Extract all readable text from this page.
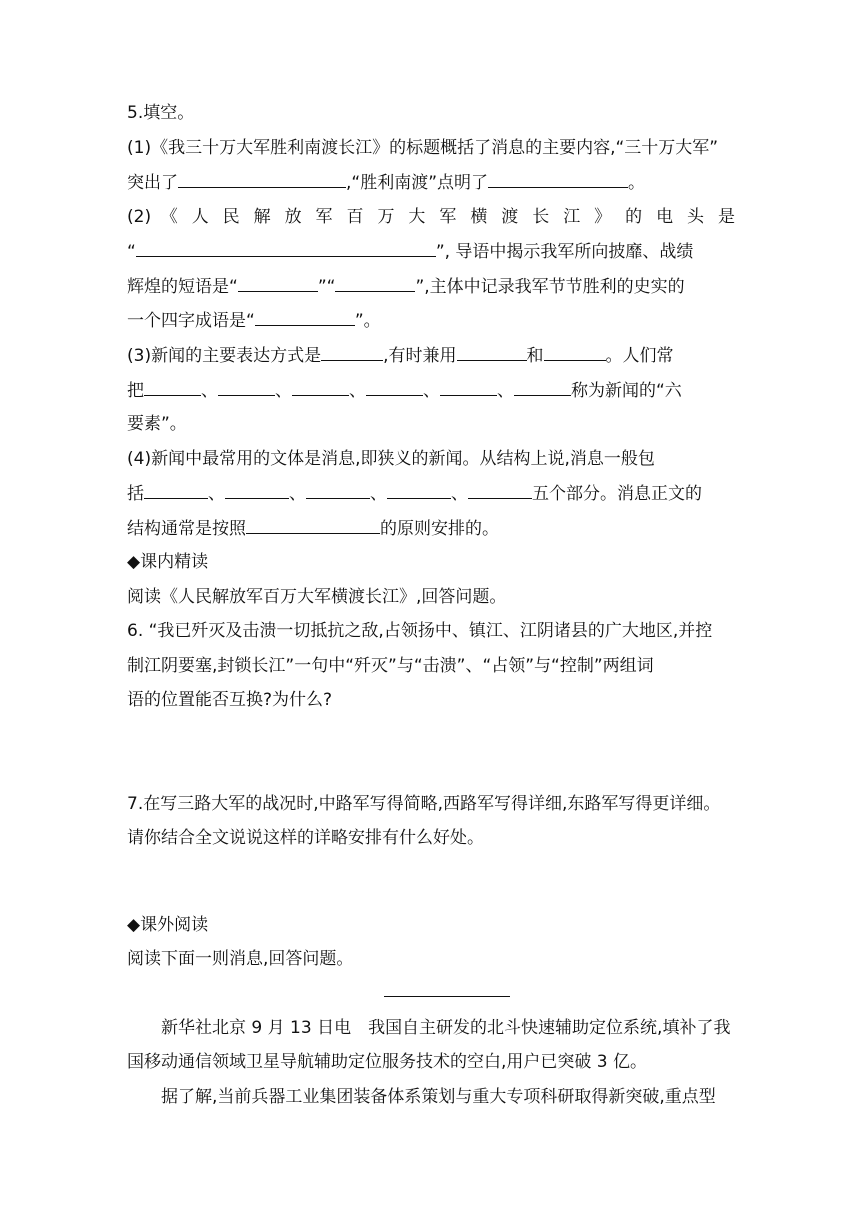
5.填空。
(1)《我三十万大军胜利南渡长江》的标题概括了消息的主要内容,“三十万大军”
突出了	,“胜利南渡”点明了	。
(2) 《 人 民 解 放 军 百 万 大 军 横 渡 长 江 》 的 电 头 是
“	”, 导语中揭示我军所向披靡、战绩
辉煌的短语是“	”“	”,主体中记录我军节节胜利的史实的
一个四字成语是“	”。
(3)新闻的主要表达方式是	,有时兼用	和	。人们常
把	、	、	、	、	、	称为新闻的“六
要素”。
(4)新闻中最常用的文体是消息,即狭义的新闻。从结构上说,消息一般包
括	、	、	、	、	五个部分。消息正文的
结构通常是按照	的原则安排的。
◆课内精读
阅读《人民解放军百万大军横渡长江》,回答问题。
6. “我已歼灭及击溃一切抵抗之敌,占领扬中、镇江、江阴诸县的广大地区,并控
制江阴要塞,封锁长江”一句中“歼灭”与“击溃”、“占领”与“控制”两组词
语的位置能否互换?为什么?
7.在写三路大军的战况时,中路军写得简略,西路军写得详细,东路军写得更详细。
请你结合全文说说这样的详略安排有什么好处。
◆课外阅读
阅读下面一则消息,回答问题。
新华社北京 9 月 13 日电　我国自主研发的北斗快速辅助定位系统,填补了我
国移动通信领域卫星导航辅助定位服务技术的空白,用户已突破 3 亿。
据了解,当前兵器工业集团装备体系策划与重大专项科研取得新突破,重点型
